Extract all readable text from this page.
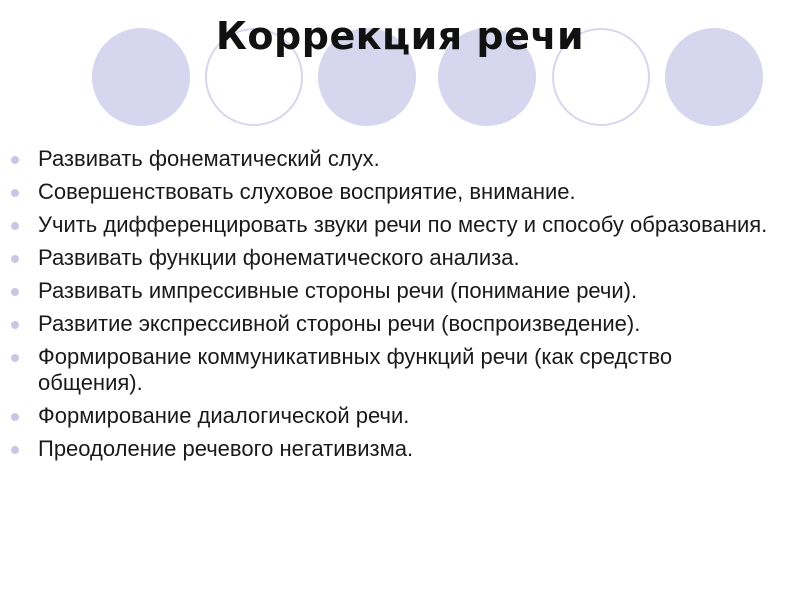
Коррекция речи
Развивать фонематический слух.
Совершенствовать слуховое восприятие, внимание.
Учить дифференцировать звуки речи по месту и способу образования.
Развивать функции фонематического анализа.
Развивать импрессивные стороны речи (понимание речи).
Развитие экспрессивной стороны речи (воспроизведение).
Формирование коммуникативных функций речи (как средство общения).
Формирование диалогической речи.
Преодоление речевого негативизма.
